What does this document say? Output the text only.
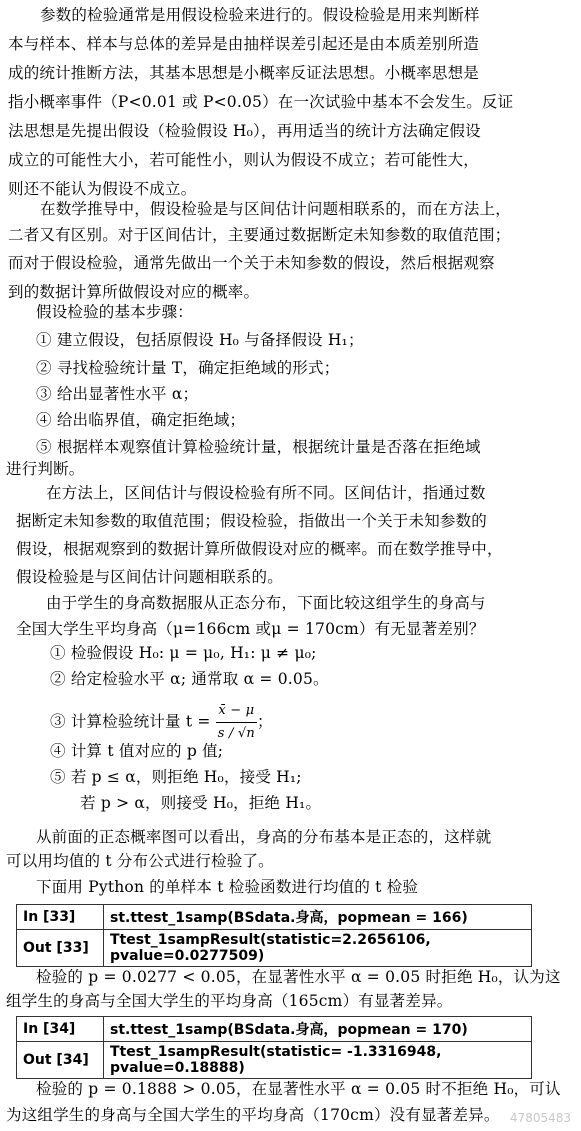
参数的检验通常是用假设检验来进行的。假设检验是用来判断样
本与样本、样本与总体的差异是由抽样误差引起还是由本质差别所造
成的统计推断方法，其基本思想是小概率反证法思想。小概率思想是
指小概率事件（P<0.01 或 P<0.05）在一次试验中基本不会发生。反证
法思想是先提出假设（检验假设 H₀），再用适当的统计方法确定假设
成立的可能性大小，若可能性小，则认为假设不成立；若可能性大，
则还不能认为假设不成立。
在数学推导中，假设检验是与区间估计问题相联系的，而在方法上，
二者又有区别。对于区间估计，主要通过数据断定未知参数的取值范围；
而对于假设检验，通常先做出一个关于未知参数的假设，然后根据观察
到的数据计算所做假设对应的概率。
假设检验的基本步骤：
① 建立假设，包括原假设 H₀ 与备择假设 H₁；
② 寻找检验统计量 T，确定拒绝域的形式；
③ 给出显著性水平 α；
④ 给出临界值，确定拒绝域；
⑤ 根据样本观察值计算检验统计量，根据统计量是否落在拒绝域
进行判断。
在方法上，区间估计与假设检验有所不同。区间估计，指通过数
据断定未知参数的取值范围；假设检验，指做出一个关于未知参数的
假设，根据观察到的数据计算所做假设对应的概率。而在数学推导中，
假设检验是与区间估计问题相联系的。
由于学生的身高数据服从正态分布，下面比较这组学生的身高与
全国大学生平均身高（μ=166cm 或μ = 170cm）有无显著差别？
① 检验假设 H₀: μ = μ₀, H₁: μ ≠ μ₀;
② 给定检验水平 α; 通常取 α = 0.05。
③ 计算检验统计量 $t = \frac{x̄ - \mu}{s / √n}$ ；
④ 计算 t 值对应的 p 值;
⑤ 若 p ≤ α，则拒绝 H₀，接受 H₁;
若 p > α，则接受 H₀，拒绝 H₁。
从前面的正态概率图可以看出，身高的分布基本是正态的，这样就
可以用均值的 t 分布公式进行检验了。
下面用 Python 的单样本 t 检验函数进行均值的 t 检验
In [33]	st.ttest_1samp(BSdata.身高，popmean = 166)
Out [33]	Ttest_1sampResult(statistic=2.2656106, pvalue=0.0277509)
检验的 p = 0.0277 < 0.05，在显著性水平 α = 0.05 时拒绝 H₀，认为这
组学生的身高与全国大学生的平均身高（165cm）有显著差异。
In [34]	st.ttest_1samp(BSdata.身高，popmean = 170)
Out [34]	Ttest_1sampResult(statistic= -1.3316948, pvalue=0.18888)
检验的 p = 0.1888 > 0.05，在显著性水平 α = 0.05 时不拒绝 H₀，可认
为这组学生的身高与全国大学生的平均身高（170cm）没有显著差异。 47805483
